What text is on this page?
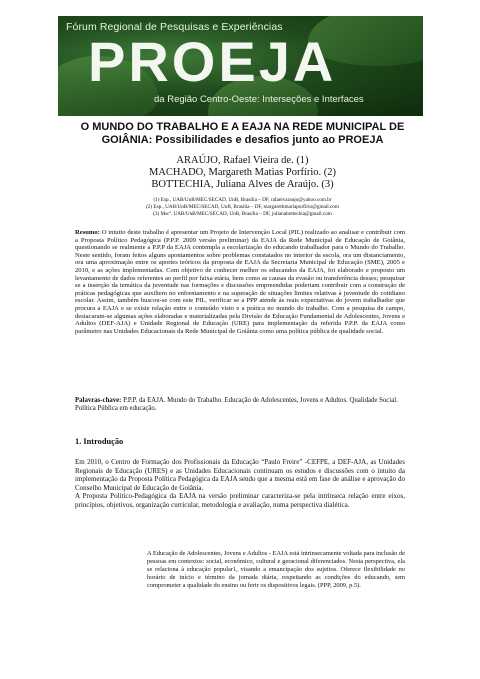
Fórum Regional de Pesquisas e Experiências
PROEJA
da Região Centro-Oeste: Interseções e Interfaces
O MUNDO DO TRABALHO E A EAJA NA REDE MUNICIPAL DE
GOIÂNIA: Possibilidades e desafios junto ao PROEJA
ARAÚJO, Rafael Vieira de. (1)
MACHADO, Margareth Matias Porfírio. (2)
BOTTECHIA, Juliana Alves de Araújo. (3)
(1) Esp., UAB/UnB/MEC/SECAD, UnB, Brasília – DF, rafaelvaraujo@yahoo.com.br
(2) Esp., UAB/UnB/MEC/SECAD, UnB, Brasília – DF, margarethmariaporfirio@gmail.com
(3) Mscª. UAB/UnB/MEC/SECAD, UnB, Brasília – DF, julianabottechia@gmail.com
Resumo: O intuito deste trabalho é apresentar um Projeto de Intervenção Local (PIL) realizado ao analisar e contribuir com a Proposta Político Pedagógica (P.P.P. 2009 versão preliminar) da EAJA da Rede Municipal de Educação de Goiânia, questionando se realmente a P.P.P da EAJA contempla a escolarização do educando trabalhador para o Mundo do Trabalho. Neste sentido, foram feitos alguns apontamentos sobre problemas constatados no interior da escola, ora um distanciamento, ora uma aproximação entre os aportes teóricos da proposta de EAJA da Secretaria Municipal de Educação (SME), 2005 e 2010, e as ações implementadas. Com objetivo de conhecer melhor os educandos da EAJA, foi elaborado e proposto um levantamento de dados referentes ao perfil por faixa etária, bem como as causas da evasão ou transferência desses; pesquisar se a inserção da temática da juventude nas formações e discussões empreendidas poderiam contribuir com a construção de práticas pedagógicas que auxiliem no enfrentamento e na superação de situações limites relativas à juventude do cotidiano escolar. Assim, também buscou-se com este PIL, verificar se a PPP atende às reais expectativas do jovem trabalhador que procura a EAJA e se existe relação entre o conteúdo visto e a prática no mundo do trabalho. Com a pesquisa de campo, destacaram-se algumas ações elaboradas e materializadas pela Divisão de Educação Fundamental de Adolescentes, Jovens e Adultos (DEF-AJA) e Unidade Regional de Educação (URE) para implementação da referida P.P.P. da EAJA como parâmetro nas Unidades Educacionais da Rede Municipal de Goiânia como uma política pública de qualidade social.
Palavras-chave: P.P.P. da EAJA. Mundo do Trabalho. Educação de Adolescentes, Jovens e Adultos. Qualidade Social. Política Pública em educação.
1. Introdução

Em 2010, o Centro de Formação dos Profissionais da Educação “Paulo Freire” -CEFPE, a DEF-AJA, as Unidades Regionais de Educação (URES) e as Unidades Educacionais continuam os estudos e discussões com o intuito da implementação da Proposta Política Pedagógica da EAJA sendo que a mesma está em fase de análise e aprovação do Conselho Municipal de Educação de Goiânia.

A Proposta Político-Pedagógica da EAJA na versão preliminar caracteriza-se pela intrínseca relação entre eixos, princípios, objetivos, organização curricular, metodologia e avaliação, numa perspectiva dialética.

A Educação de Adolescentes, Jovens e Adultos - EAJA está intrinsecamente voltada para inclusão de pessoas em contextos: social, econômico, cultural e geracional diferenciados. Nesta perspectiva, ela se relaciona à educação popular1, visando a emancipação dos sujeitos. Oferece flexibilidade no horário de início e término da jornada diária, respeitando as condições do educando, sem comprometer a qualidade do ensino ou ferir os dispositivos legais. (PPP, 2009, p.5).
